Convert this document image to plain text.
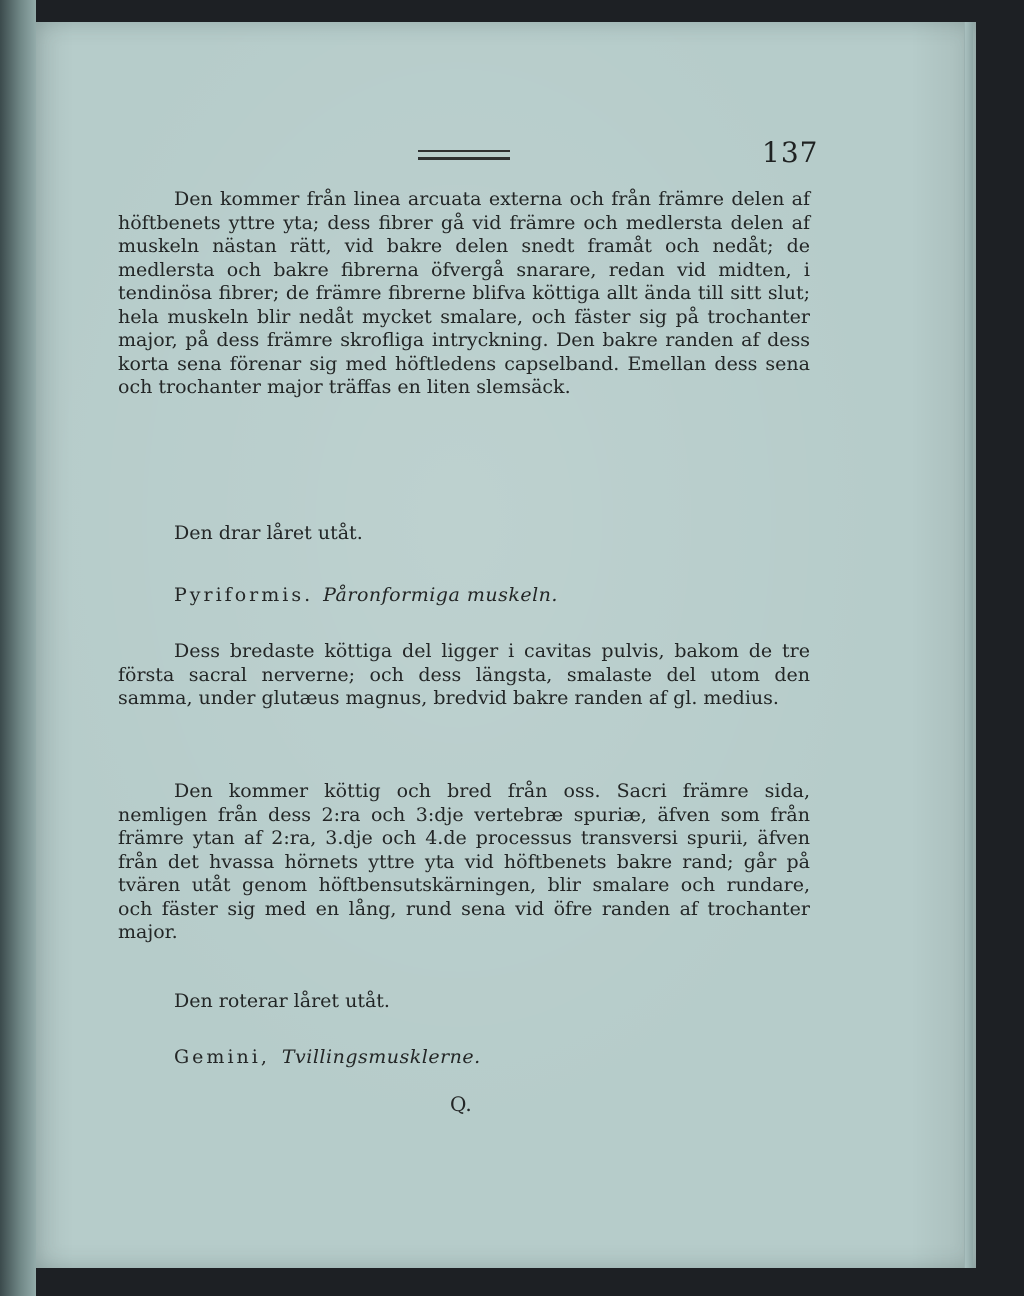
137

Den kommer från linea arcuata externa och från främre delen af höftbenets yttre yta; dess fibrer gå vid främre och medlersta delen af muskeln nästan rätt, vid bakre delen snedt framåt och nedåt; de medlersta och bakre fibrerna öfvergå snarare, redan vid midten, i tendinösa fibrer; de främre fibrerne blifva köttiga allt ända till sitt slut; hela muskeln blir nedåt mycket smalare, och fäster sig på trochanter major, på dess främre skrofliga intryckning. Den bakre randen af dess korta sena förenar sig med höftledens capselband. Emellan dess sena och trochanter major träffas en liten slemsäck.

Den drar låret utåt.

Pyriformis. Påronformiga muskeln.

Dess bredaste köttiga del ligger i cavitas pulvis, bakom de tre första sacral nerverne; och dess längsta, smalaste del utom den samma, under glutæus magnus, bredvid bakre randen af gl. medius.

Den kommer köttig och bred från oss. Sacri främre sida, nemligen från dess 2:ra och 3:dje vertebræ spuriæ, äfven som från främre ytan af 2:ra, 3.dje och 4.de processus transversi spurii, äfven från det hvassa hörnets yttre yta vid höftbenets bakre rand; går på tvären utåt genom höftbensutskärningen, blir smalare och rundare, och fäster sig med en lång, rund sena vid öfre randen af trochanter major.

Den roterar låret utåt.

Gemini, Tvillingsmusklerne.
Q.
